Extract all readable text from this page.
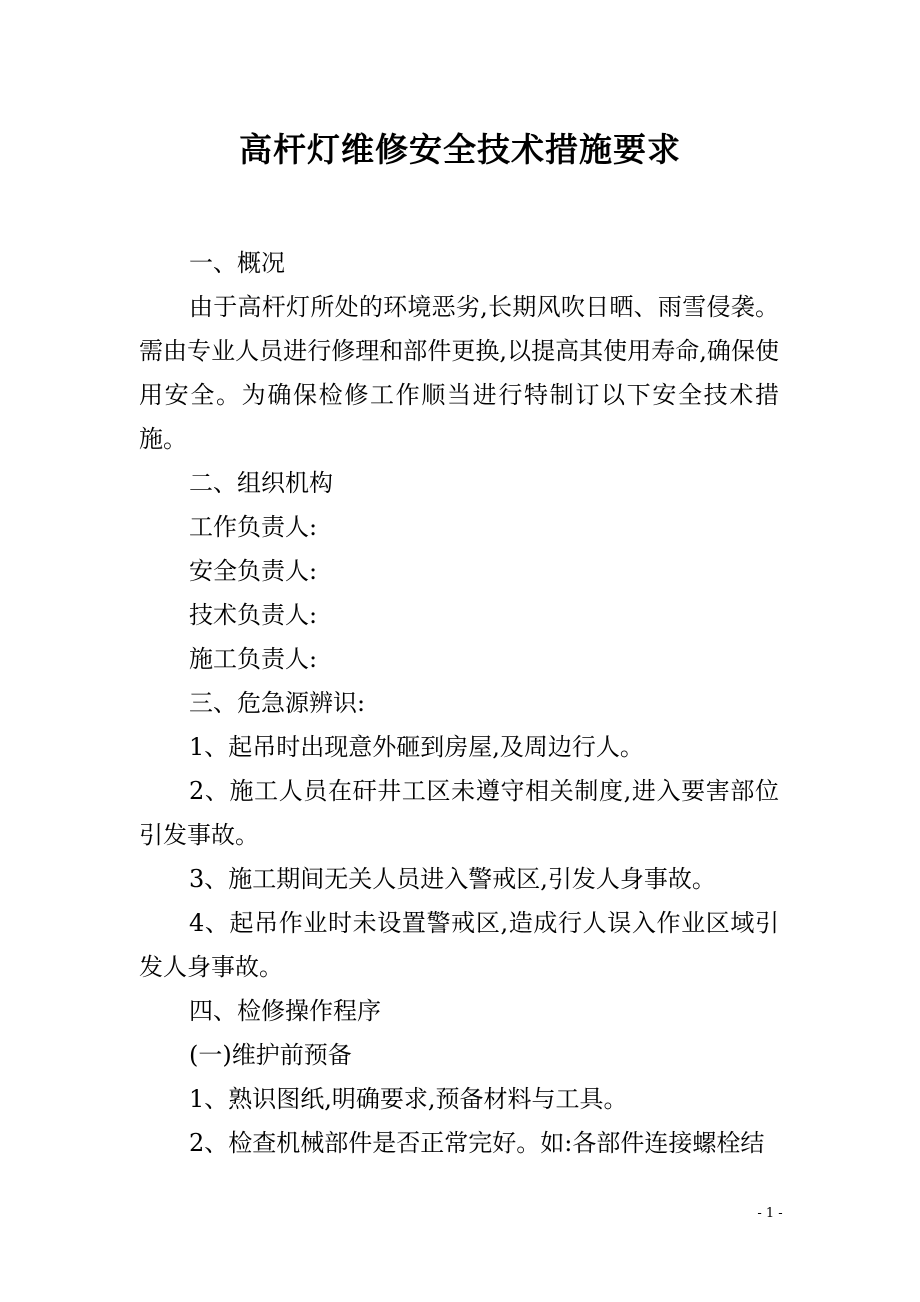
高杆灯维修安全技术措施要求

一、概况

由于高杆灯所处的环境恶劣,长期风吹日晒、雨雪侵袭。需由专业人员进行修理和部件更换,以提高其使用寿命,确保使用安全。为确保检修工作顺当进行特制订以下安全技术措施。

二、组织机构

工作负责人:

安全负责人:

技术负责人:

施工负责人:

三、危急源辨识:

1、起吊时出现意外砸到房屋,及周边行人。

2、施工人员在矸井工区未遵守相关制度,进入要害部位引发事故。

3、施工期间无关人员进入警戒区,引发人身事故。

4、起吊作业时未设置警戒区,造成行人误入作业区域引发人身事故。

四、检修操作程序

(一)维护前预备

1、熟识图纸,明确要求,预备材料与工具。

2、检查机械部件是否正常完好。如:各部件连接螺栓结

- 1 -
